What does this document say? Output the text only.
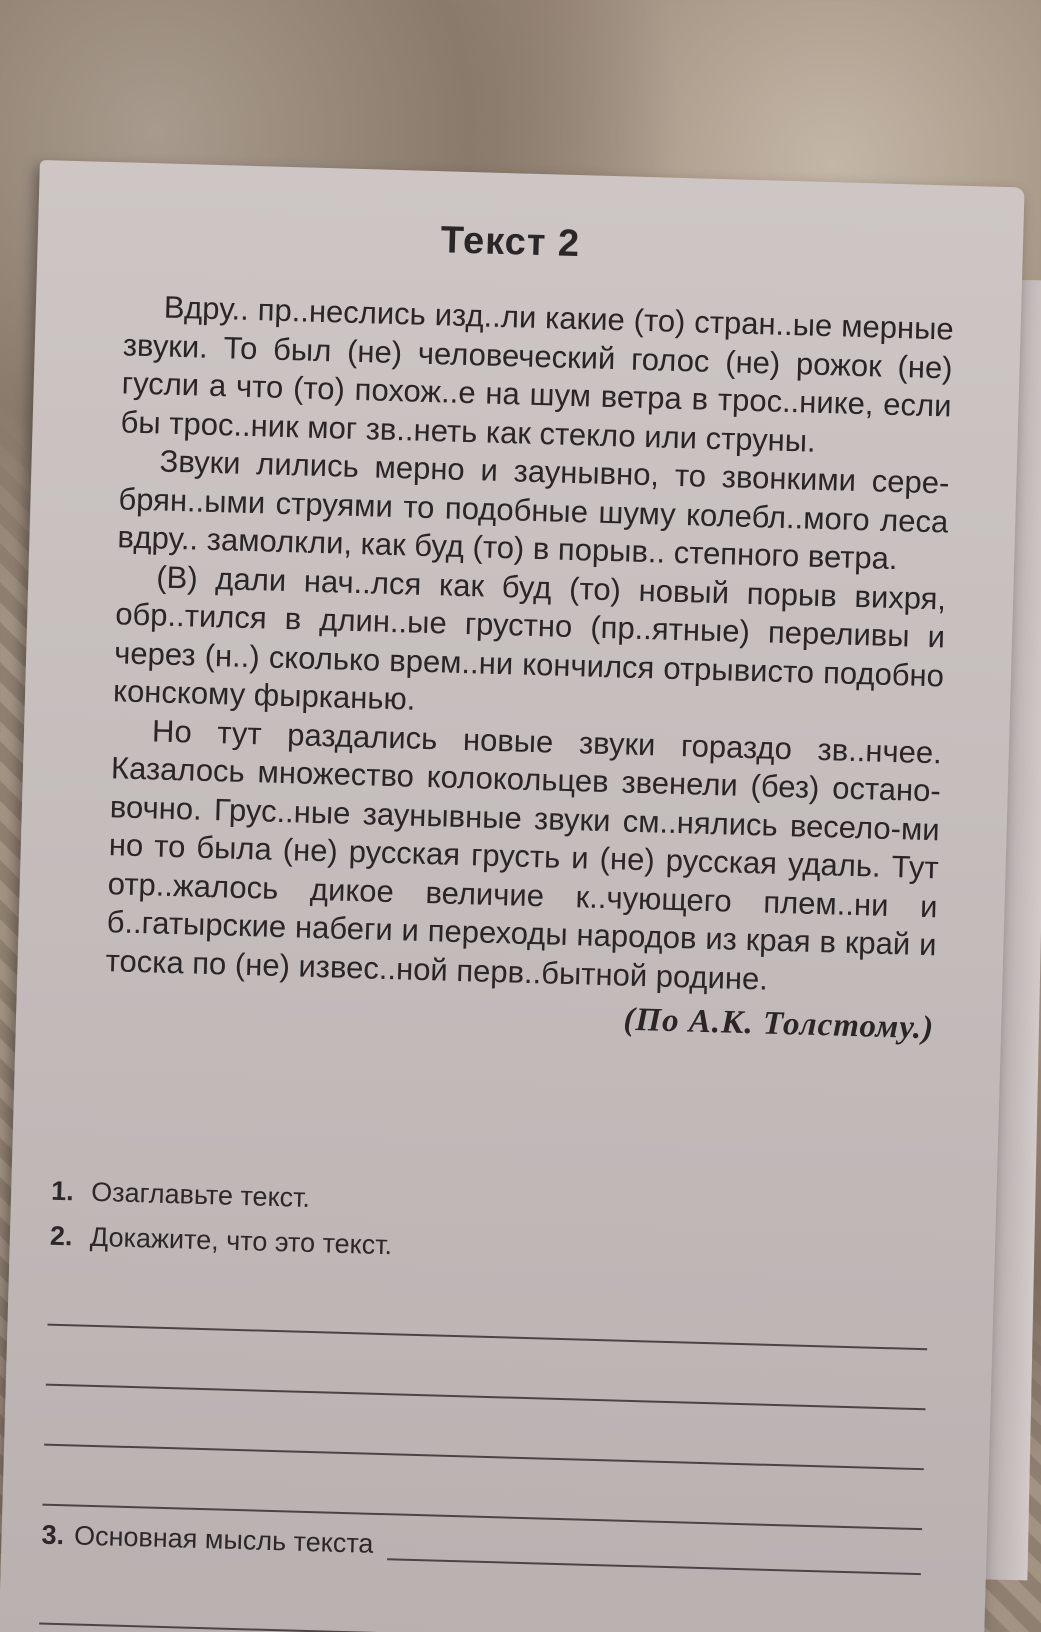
Текст 2

Вдру.. пр..неслись изд..ли какие (то) стран..ые мерные звуки. То был (не) человеческий голос (не) рожок (не) гусли а что (то) похож..е на шум ветра в трос..нике, если бы трос..ник мог зв..неть как стекло или струны.

Звуки лились мерно и заунывно, то звонкими сере-брян..ыми струями то подобные шуму колебл..мого леса вдру.. замолкли, как буд (то) в порыв.. степного ветра.

(В) дали нач..лся как буд (то) новый порыв вихря, обр..тился в длин..ые грустно (пр..ятные) переливы и через (н..) сколько врем..ни кончился отрывисто подобно конскому фырканью.

Но тут раздались новые звуки гораздо зв..нчее. Казалось множество колокольцев звенели (без) остано-вочно. Грус..ные заунывные звуки см..нялись весело-ми но то была (не) русская грусть и (не) русская удаль. Тут отр..жалось дикое величие к..чующего плем..ни и б..гатырские набеги и переходы народов из края в край и тоска по (не) извес..ной перв..бытной родине.

(По А.К. Толстому.)

1. Озаглавьте текст.
2. Докажите, что это текст.
3. Основная мысль текста
